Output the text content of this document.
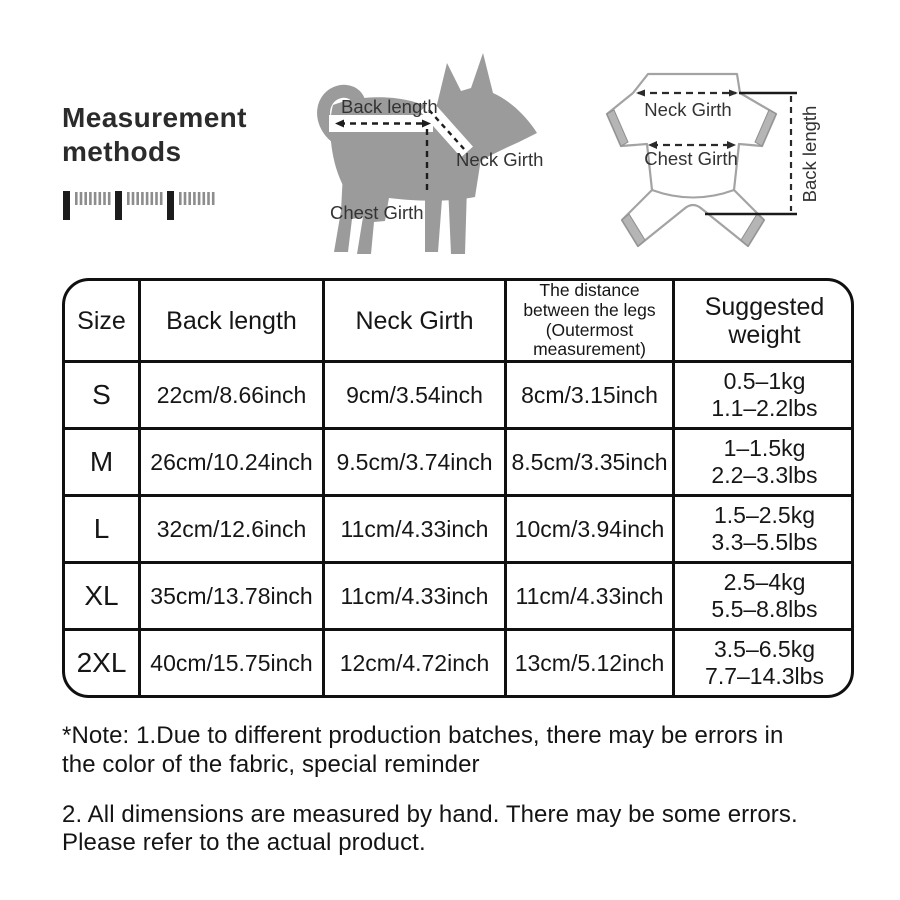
Measurement methods
Back length
Neck Girth
Chest Girth
Neck Girth
Chest Girth	Back length
Size	Back length	Neck Girth	The distance between the legs (Outermost measurement)	Suggested weight
S	22cm/8.66inch	9cm/3.54inch	8cm/3.15inch	0.5–1kg
1.1–2.2lbs

M	26cm/10.24inch	9.5cm/3.74inch	8.5cm/3.35inch	1–1.5kg
2.2–3.3lbs

L	32cm/12.6inch	11cm/4.33inch	10cm/3.94inch	1.5–2.5kg
3.3–5.5lbs

XL	35cm/13.78inch	11cm/4.33inch	11cm/4.33inch	2.5–4kg
5.5–8.8lbs

2XL	40cm/15.75inch	12cm/4.72inch	13cm/5.12inch	3.5–6.5kg
7.7–14.3lbs

*Note: 1.Due to different production batches, there may be errors in the color of the fabric, special reminder

2. All dimensions are measured by hand. There may be some errors. Please refer to the actual product.
